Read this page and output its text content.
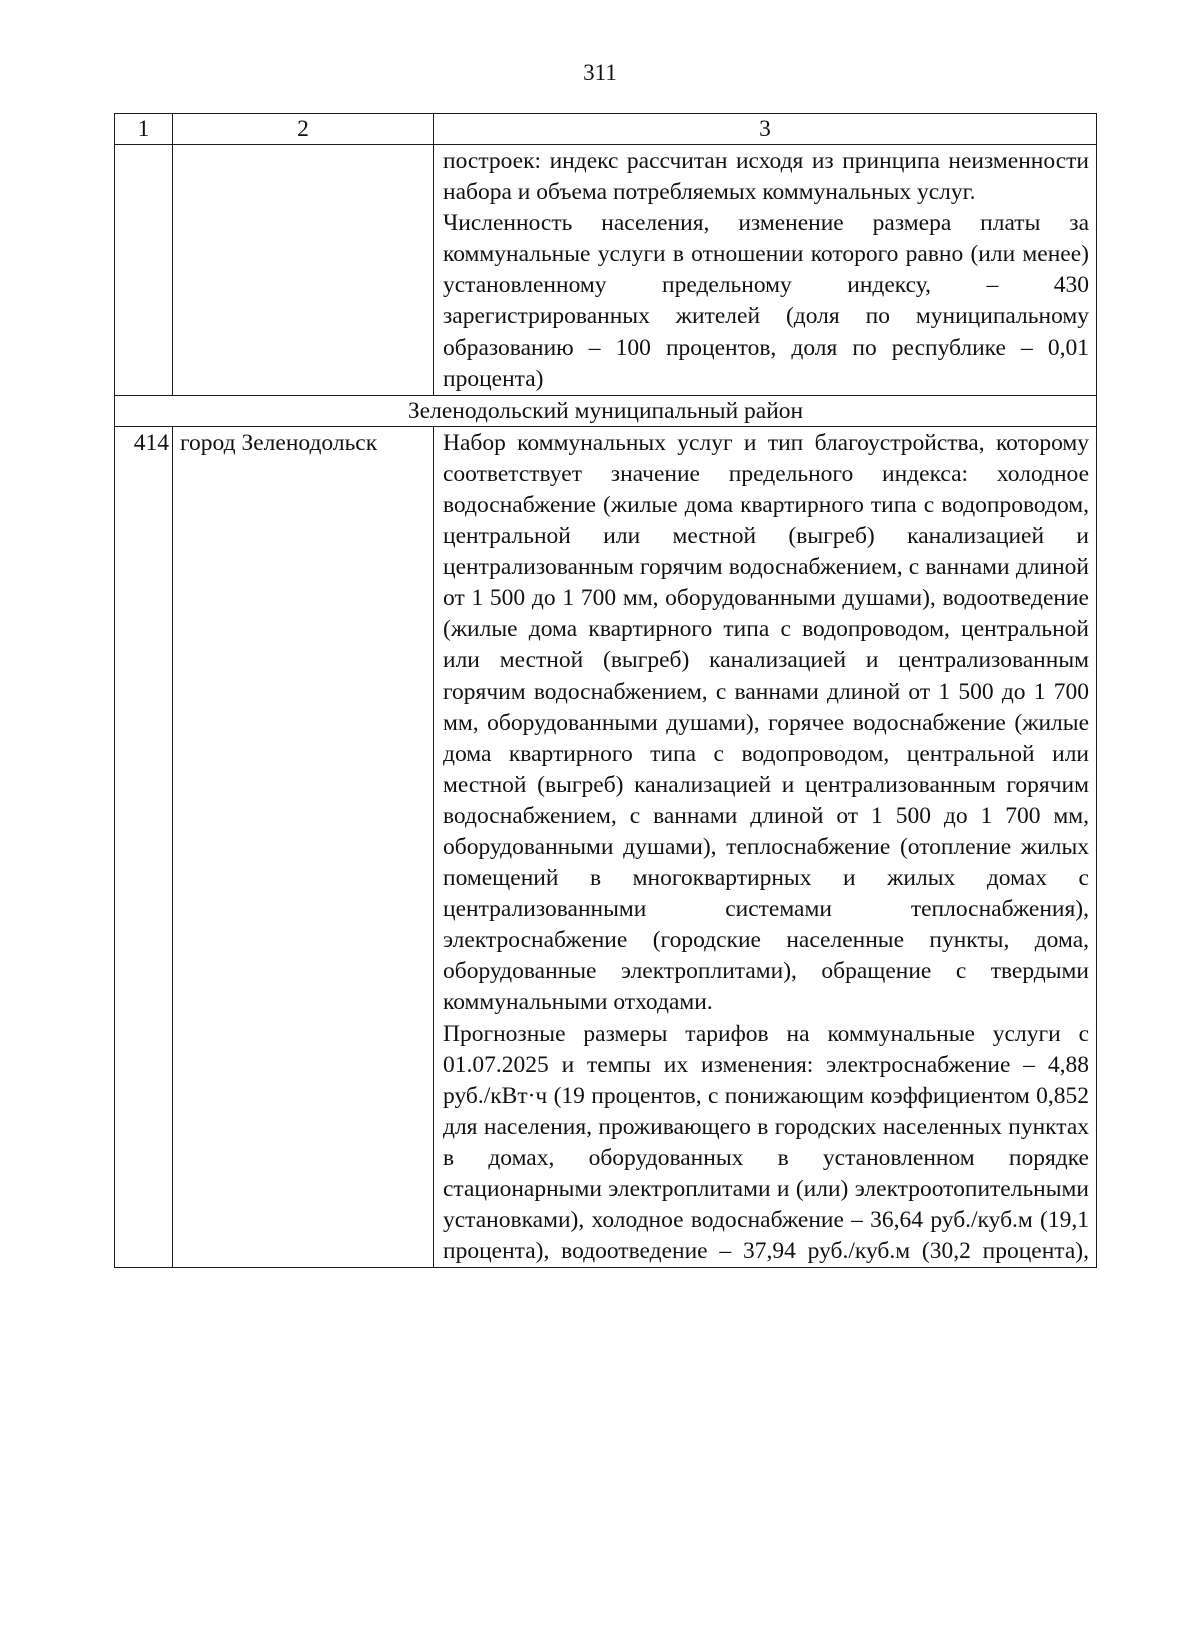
311
1	2	3

		построек: индекс рассчитан исходя из принципа неизменности набора и объема потребляемых коммунальных услуг.

Численность населения, изменение размера платы за коммунальные услуги в отношении которого равно (или менее) установленному предельному индексу, – 430 зарегистрированных жителей (доля по муниципальному образованию – 100 процентов, доля по республике – 0,01 процента)

Зеленодольский муниципальный район		
414	город Зеленодольск	Набор коммунальных услуг и тип благоустройства, которому соответствует значение предельного индекса: холодное водоснабжение (жилые дома квартирного типа с водопроводом, центральной или местной (выгреб) канализацией и централизованным горячим водоснабжением, с ваннами длиной от 1 500 до 1 700 мм, оборудованными душами), водоотведение (жилые дома квартирного типа с водопроводом, центральной или местной (выгреб) канализацией и централизованным горячим водоснабжением, с ваннами длиной от 1 500 до 1 700 мм, оборудованными душами), горячее водоснабжение (жилые дома квартирного типа с водопроводом, центральной или местной (выгреб) канализацией и централизованным горячим водоснабжением, с ваннами длиной от 1 500 до 1 700 мм, оборудованными душами), теплоснабжение (отопление жилых помещений в многоквартирных и жилых домах с централизованными системами теплоснабжения), электроснабжение (городские населенные пункты, дома, оборудованные электроплитами), обращение с твердыми коммунальными отходами.

Прогнозные размеры тарифов на коммунальные услуги с 01.07.2025 и темпы их изменения: электроснабжение – 4,88 руб./кВт·ч (19 процентов, с понижающим коэффициентом 0,852 для населения, проживающего в городских населенных пунктах в домах, оборудованных в установленном порядке стационарными электроплитами и (или) электроотопительными установками), холодное водоснабжение – 36,64 руб./куб.м (19,1 процента), водоотведение – 37,94 руб./куб.м (30,2 процента),
